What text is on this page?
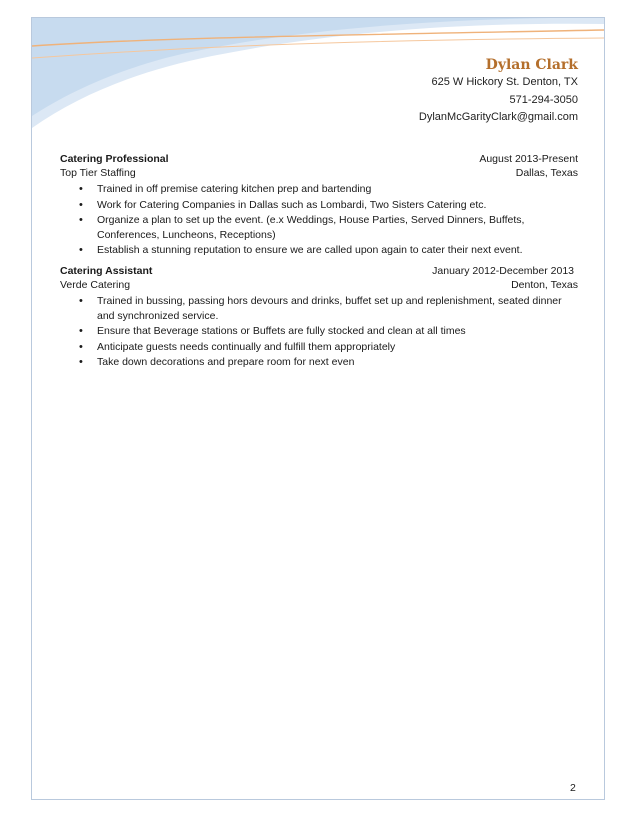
Dylan Clark
625 W Hickory St. Denton, TX
571-294-3050
DylanMcGarityClark@gmail.com
Catering Professional	August 2013-Present
Top Tier Staffing	Dallas, Texas
• Trained in off premise catering kitchen prep and bartending
• Work for Catering Companies in Dallas such as Lombardi, Two Sisters Catering etc.
• Organize a plan to set up the event. (e.x Weddings, House Parties, Served Dinners, Buffets, Conferences, Luncheons, Receptions)
• Establish a stunning reputation to ensure we are called upon again to cater their next event.
Catering Assistant	January 2012-December 2013
Verde Catering	Denton, Texas
• Trained in bussing, passing hors devours and drinks, buffet set up and replenishment, seated dinner and synchronized service.
• Ensure that Beverage stations or Buffets are fully stocked and clean at all times
• Anticipate guests needs continually and fulfill them appropriately
• Take down decorations and prepare room for next even
2
